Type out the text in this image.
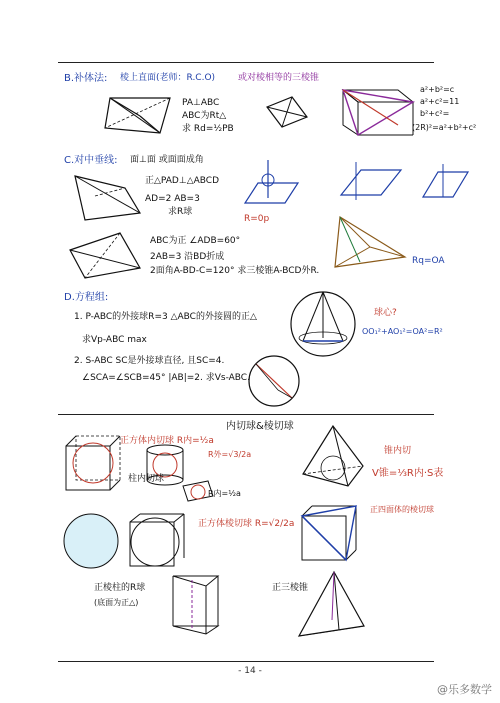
B.补体法: 棱上直面(老师：R.C.O)	或对棱相等的三棱锥
PA⊥ABC
ABC为Rt△
求 Rd=½PB
a²+b²=c
a²+c²=11
b²+c²=
(2R)²=a²+b²+c²
C.对中垂线: 面⊥面 或面面成角
正△PAD⊥△ABCD
AD=2 AB=3
求R球
R=0p
ABC为正 ∠ADB=60°
2AB=3 沿BD折成
2面角A-BD-C=120° 求三棱锥A-BCD外R.
Rq=OA
D.方程组:
1. P-ABC的外接球R=3 △ABC的外接圆的正△
求Vp-ABC max
2. S-ABC SC是外接球直径, 且SC=4.
∠SCA=∠SCB=45° |AB|=2. 求Vs-ABC.
球心?
OO₁²+AO₁²=OA²=R²
内切球&棱切球
正方体内切球 R内=½a
柱内切球
R外=√3/2a
R内=½a
锥内切
V锥=⅓R内·S表
正方体棱切球 R=√2/2a
正四面体的棱切球
正棱柱的R球
(底面为正△)
正三棱锥
- 14 -
@乐多数学
